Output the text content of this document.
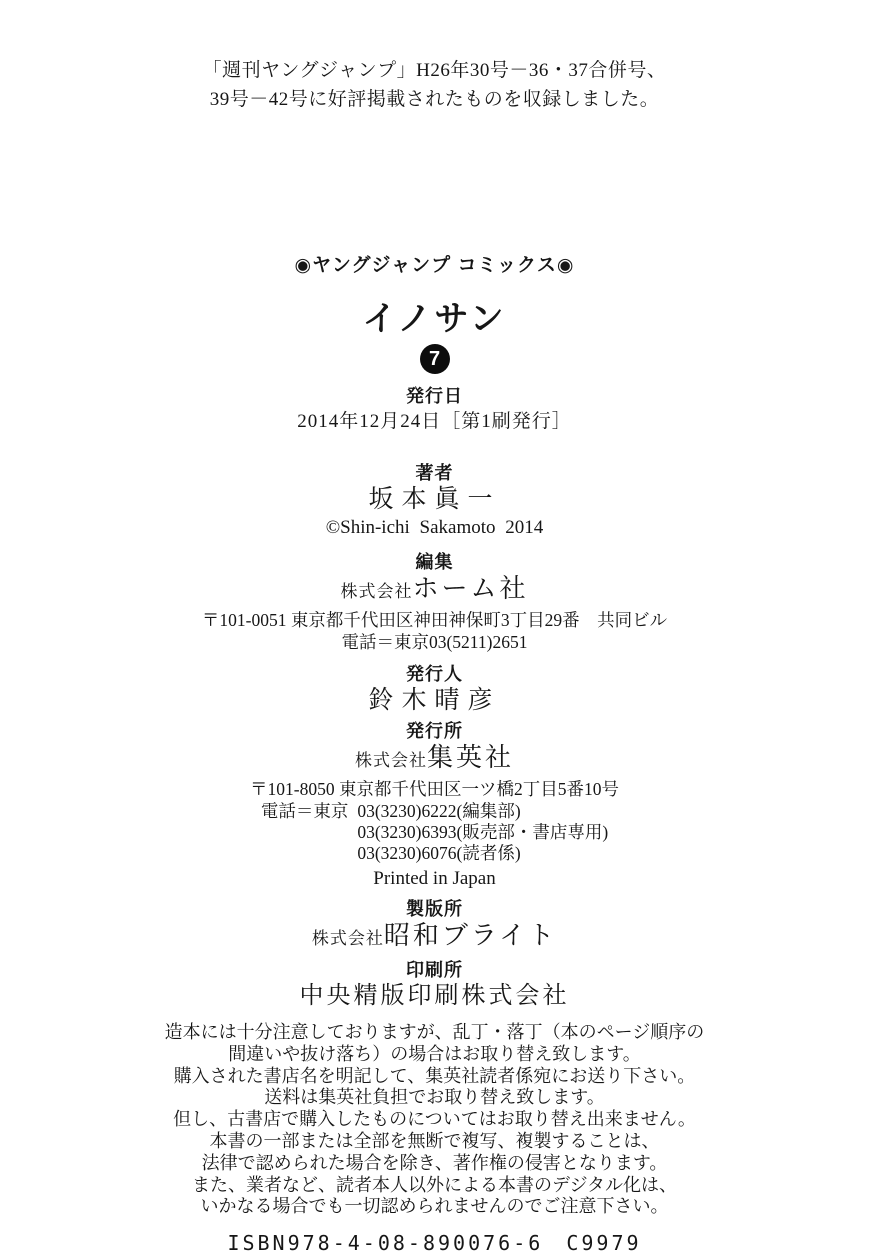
「週刊ヤングジャンプ」H26年30号－36・37合併号、
39号－42号に好評掲載されたものを収録しました。
◉ヤングジャンプ コミックス◉
イノサン
7
発行日
2014年12月24日［第1刷発行］
著者
坂本眞一
©Shin-ichi Sakamoto 2014
編集
株式会社ホーム社
〒101-0051 東京都千代田区神田神保町3丁目29番　共同ビル
電話＝東京03(5211)2651
発行人
鈴木晴彦
発行所
株式会社集英社
〒101-8050 東京都千代田区一ツ橋2丁目5番10号
電話＝東京 03(3230)6222(編集部)
03(3230)6393(販売部・書店専用)
03(3230)6076(読者係)
Printed in Japan
製版所
株式会社昭和ブライト
印刷所
中央精版印刷株式会社
造本には十分注意しておりますが、乱丁・落丁（本のページ順序の
間違いや抜け落ち）の場合はお取り替え致します。
購入された書店名を明記して、集英社読者係宛にお送り下さい。
送料は集英社負担でお取り替え致します。
但し、古書店で購入したものについてはお取り替え出来ません。
本書の一部または全部を無断で複写、複製することは、
法律で認められた場合を除き、著作権の侵害となります。
また、業者など、読者本人以外による本書のデジタル化は、
いかなる場合でも一切認められませんのでご注意下さい。
ISBN978-4-08-890076-6 C9979
